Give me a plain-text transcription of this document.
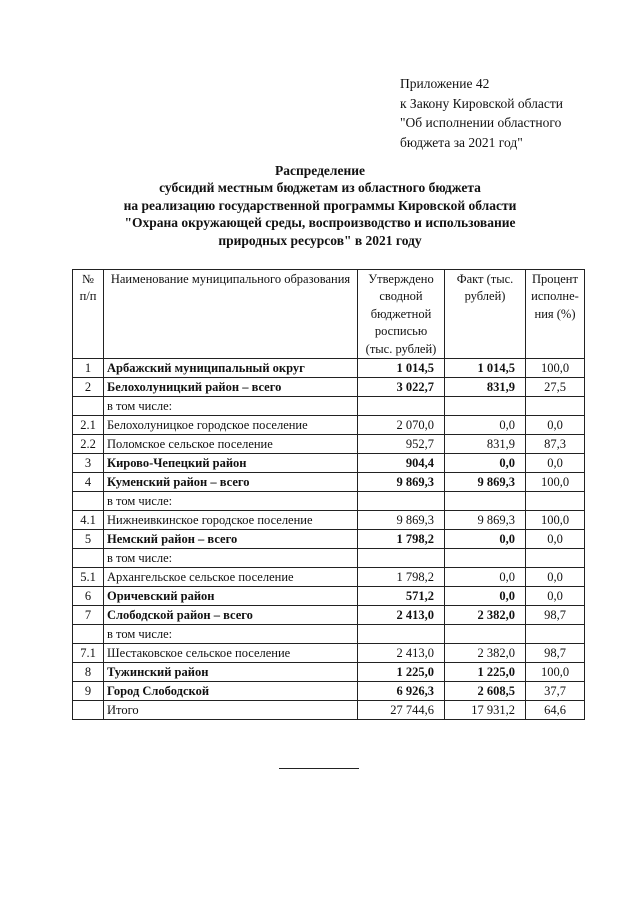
Приложение 42
к Закону Кировской области
"Об исполнении областного
бюджета за 2021 год"
Распределение
субсидий местным бюджетам из областного бюджета
на реализацию государственной программы Кировской области
"Охрана окружающей среды, воспроизводство и использование
природных ресурсов" в 2021 году
№ п/п	Наименование муниципального образования	Утверждено сводной бюджетной росписью (тыс. рублей)	Факт (тыс. рублей)	Процент исполне-ния (%)
1	Арбажский муниципальный округ	1 014,5	1 014,5	100,0
2	Белохолуницкий район – всего	3 022,7	831,9	27,5
	в том числе:			
2.1	Белохолуницкое городское поселение	2 070,0	0,0	0,0
2.2	Поломское сельское поселение	952,7	831,9	87,3
3	Кирово-Чепецкий район	904,4	0,0	0,0
4	Куменский район – всего	9 869,3	9 869,3	100,0
	в том числе:			
4.1	Нижнеивкинское городское поселение	9 869,3	9 869,3	100,0
5	Немский район – всего	1 798,2	0,0	0,0
	в том числе:			
5.1	Архангельское сельское поселение	1 798,2	0,0	0,0
6	Оричевский район	571,2	0,0	0,0
7	Слободской район – всего	2 413,0	2 382,0	98,7
	в том числе:			
7.1	Шестаковское сельское поселение	2 413,0	2 382,0	98,7
8	Тужинский район	1 225,0	1 225,0	100,0
9	Город Слободской	6 926,3	2 608,5	37,7
	Итого	27 744,6	17 931,2	64,6
